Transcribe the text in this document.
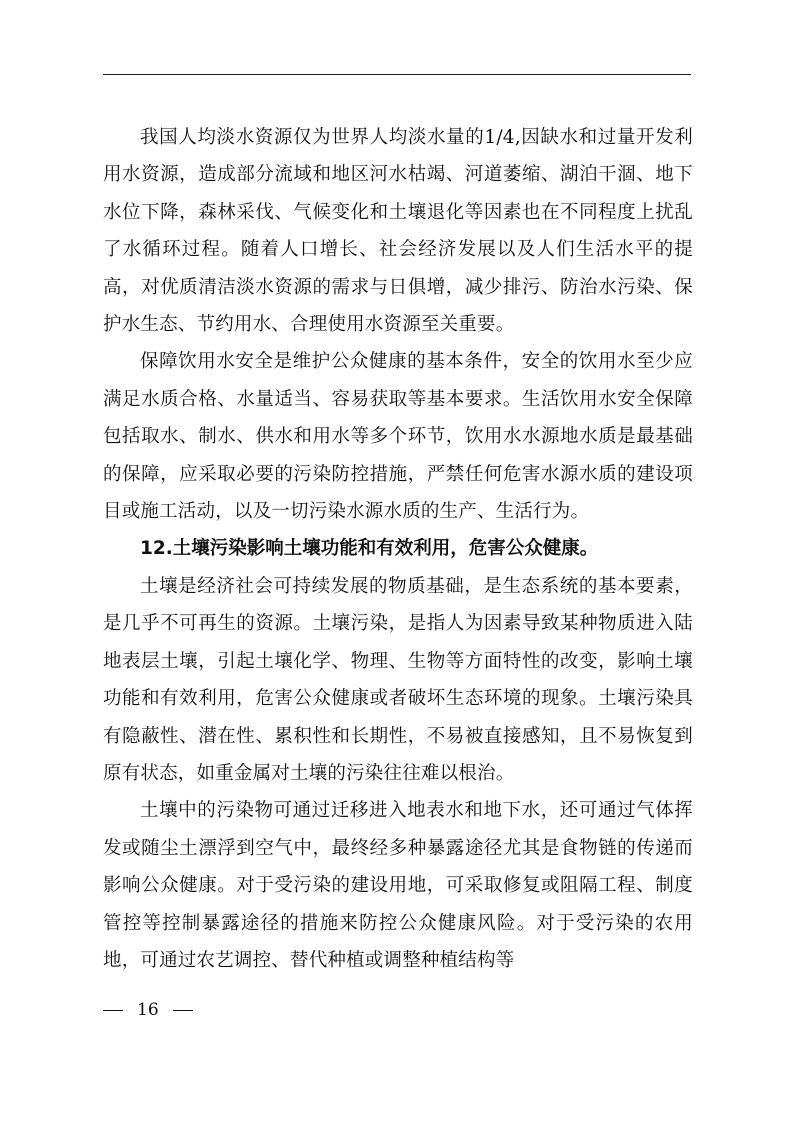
我国人均淡水资源仅为世界人均淡水量的1/4,因缺水和过量开发利用水资源，造成部分流域和地区河水枯竭、河道萎缩、湖泊干涸、地下水位下降，森林采伐、气候变化和土壤退化等因素也在不同程度上扰乱了水循环过程。随着人口增长、社会经济发展以及人们生活水平的提高，对优质清洁淡水资源的需求与日俱增，减少排污、防治水污染、保护水生态、节约用水、合理使用水资源至关重要。

保障饮用水安全是维护公众健康的基本条件，安全的饮用水至少应满足水质合格、水量适当、容易获取等基本要求。生活饮用水安全保障包括取水、制水、供水和用水等多个环节，饮用水水源地水质是最基础的保障，应采取必要的污染防控措施，严禁任何危害水源水质的建设项目或施工活动，以及一切污染水源水质的生产、生活行为。

12.土壤污染影响土壤功能和有效利用，危害公众健康。

土壤是经济社会可持续发展的物质基础，是生态系统的基本要素，是几乎不可再生的资源。土壤污染，是指人为因素导致某种物质进入陆地表层土壤，引起土壤化学、物理、生物等方面特性的改变，影响土壤功能和有效利用，危害公众健康或者破坏生态环境的现象。土壤污染具有隐蔽性、潜在性、累积性和长期性，不易被直接感知，且不易恢复到原有状态，如重金属对土壤的污染往往难以根治。

土壤中的污染物可通过迁移进入地表水和地下水，还可通过气体挥发或随尘土漂浮到空气中，最终经多种暴露途径尤其是食物链的传递而影响公众健康。对于受污染的建设用地，可采取修复或阻隔工程、制度管控等控制暴露途径的措施来防控公众健康风险。对于受污染的农用地，可通过农艺调控、替代种植或调整种植结构等

16
